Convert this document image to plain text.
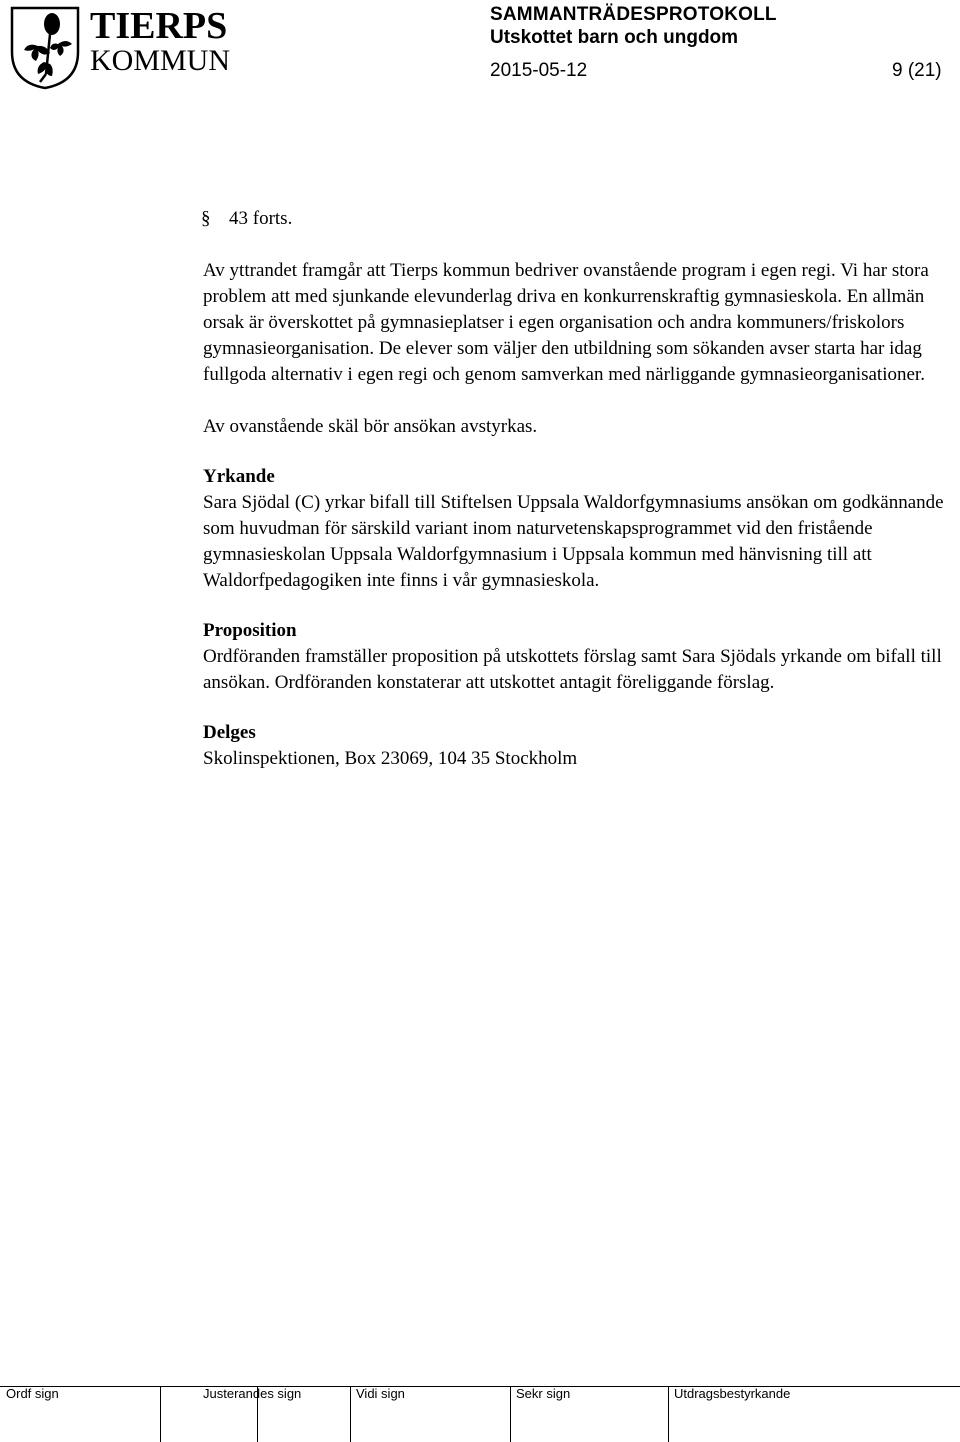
TIERPS
KOMMUN
SAMMANTRÄDESPROTOKOLL
Utskottet barn och ungdom
2015-05-12	9 (21)
§ 43 forts.

Av yttrandet framgår att Tierps kommun bedriver ovanstående program i egen regi. Vi har stora problem att med sjunkande elevunderlag driva en konkurrenskraftig gymnasieskola. En allmän orsak är överskottet på gymnasieplatser i egen organisation och andra kommuners/friskolors gymnasieorganisation. De elever som väljer den utbildning som sökanden avser starta har idag fullgoda alternativ i egen regi och genom samverkan med närliggande gymnasieorganisationer.

Av ovanstående skäl bör ansökan avstyrkas.

Yrkande

Sara Sjödal (C) yrkar bifall till Stiftelsen Uppsala Waldorfgymnasiums ansökan om godkännande som huvudman för särskild variant inom naturvetenskapsprogrammet vid den fristående gymnasieskolan Uppsala Waldorfgymnasium i Uppsala kommun med hänvisning till att Waldorfpedagogiken inte finns i vår gymnasieskola.

Proposition

Ordföranden framställer proposition på utskottets förslag samt Sara Sjödals yrkande om bifall till ansökan. Ordföranden konstaterar att utskottet antagit föreliggande förslag.

Delges

Skolinspektionen, Box 23069, 104 35 Stockholm

Ordf sign	Justerandes sign	Vidi sign	Sekr sign	Utdragsbestyrkande
